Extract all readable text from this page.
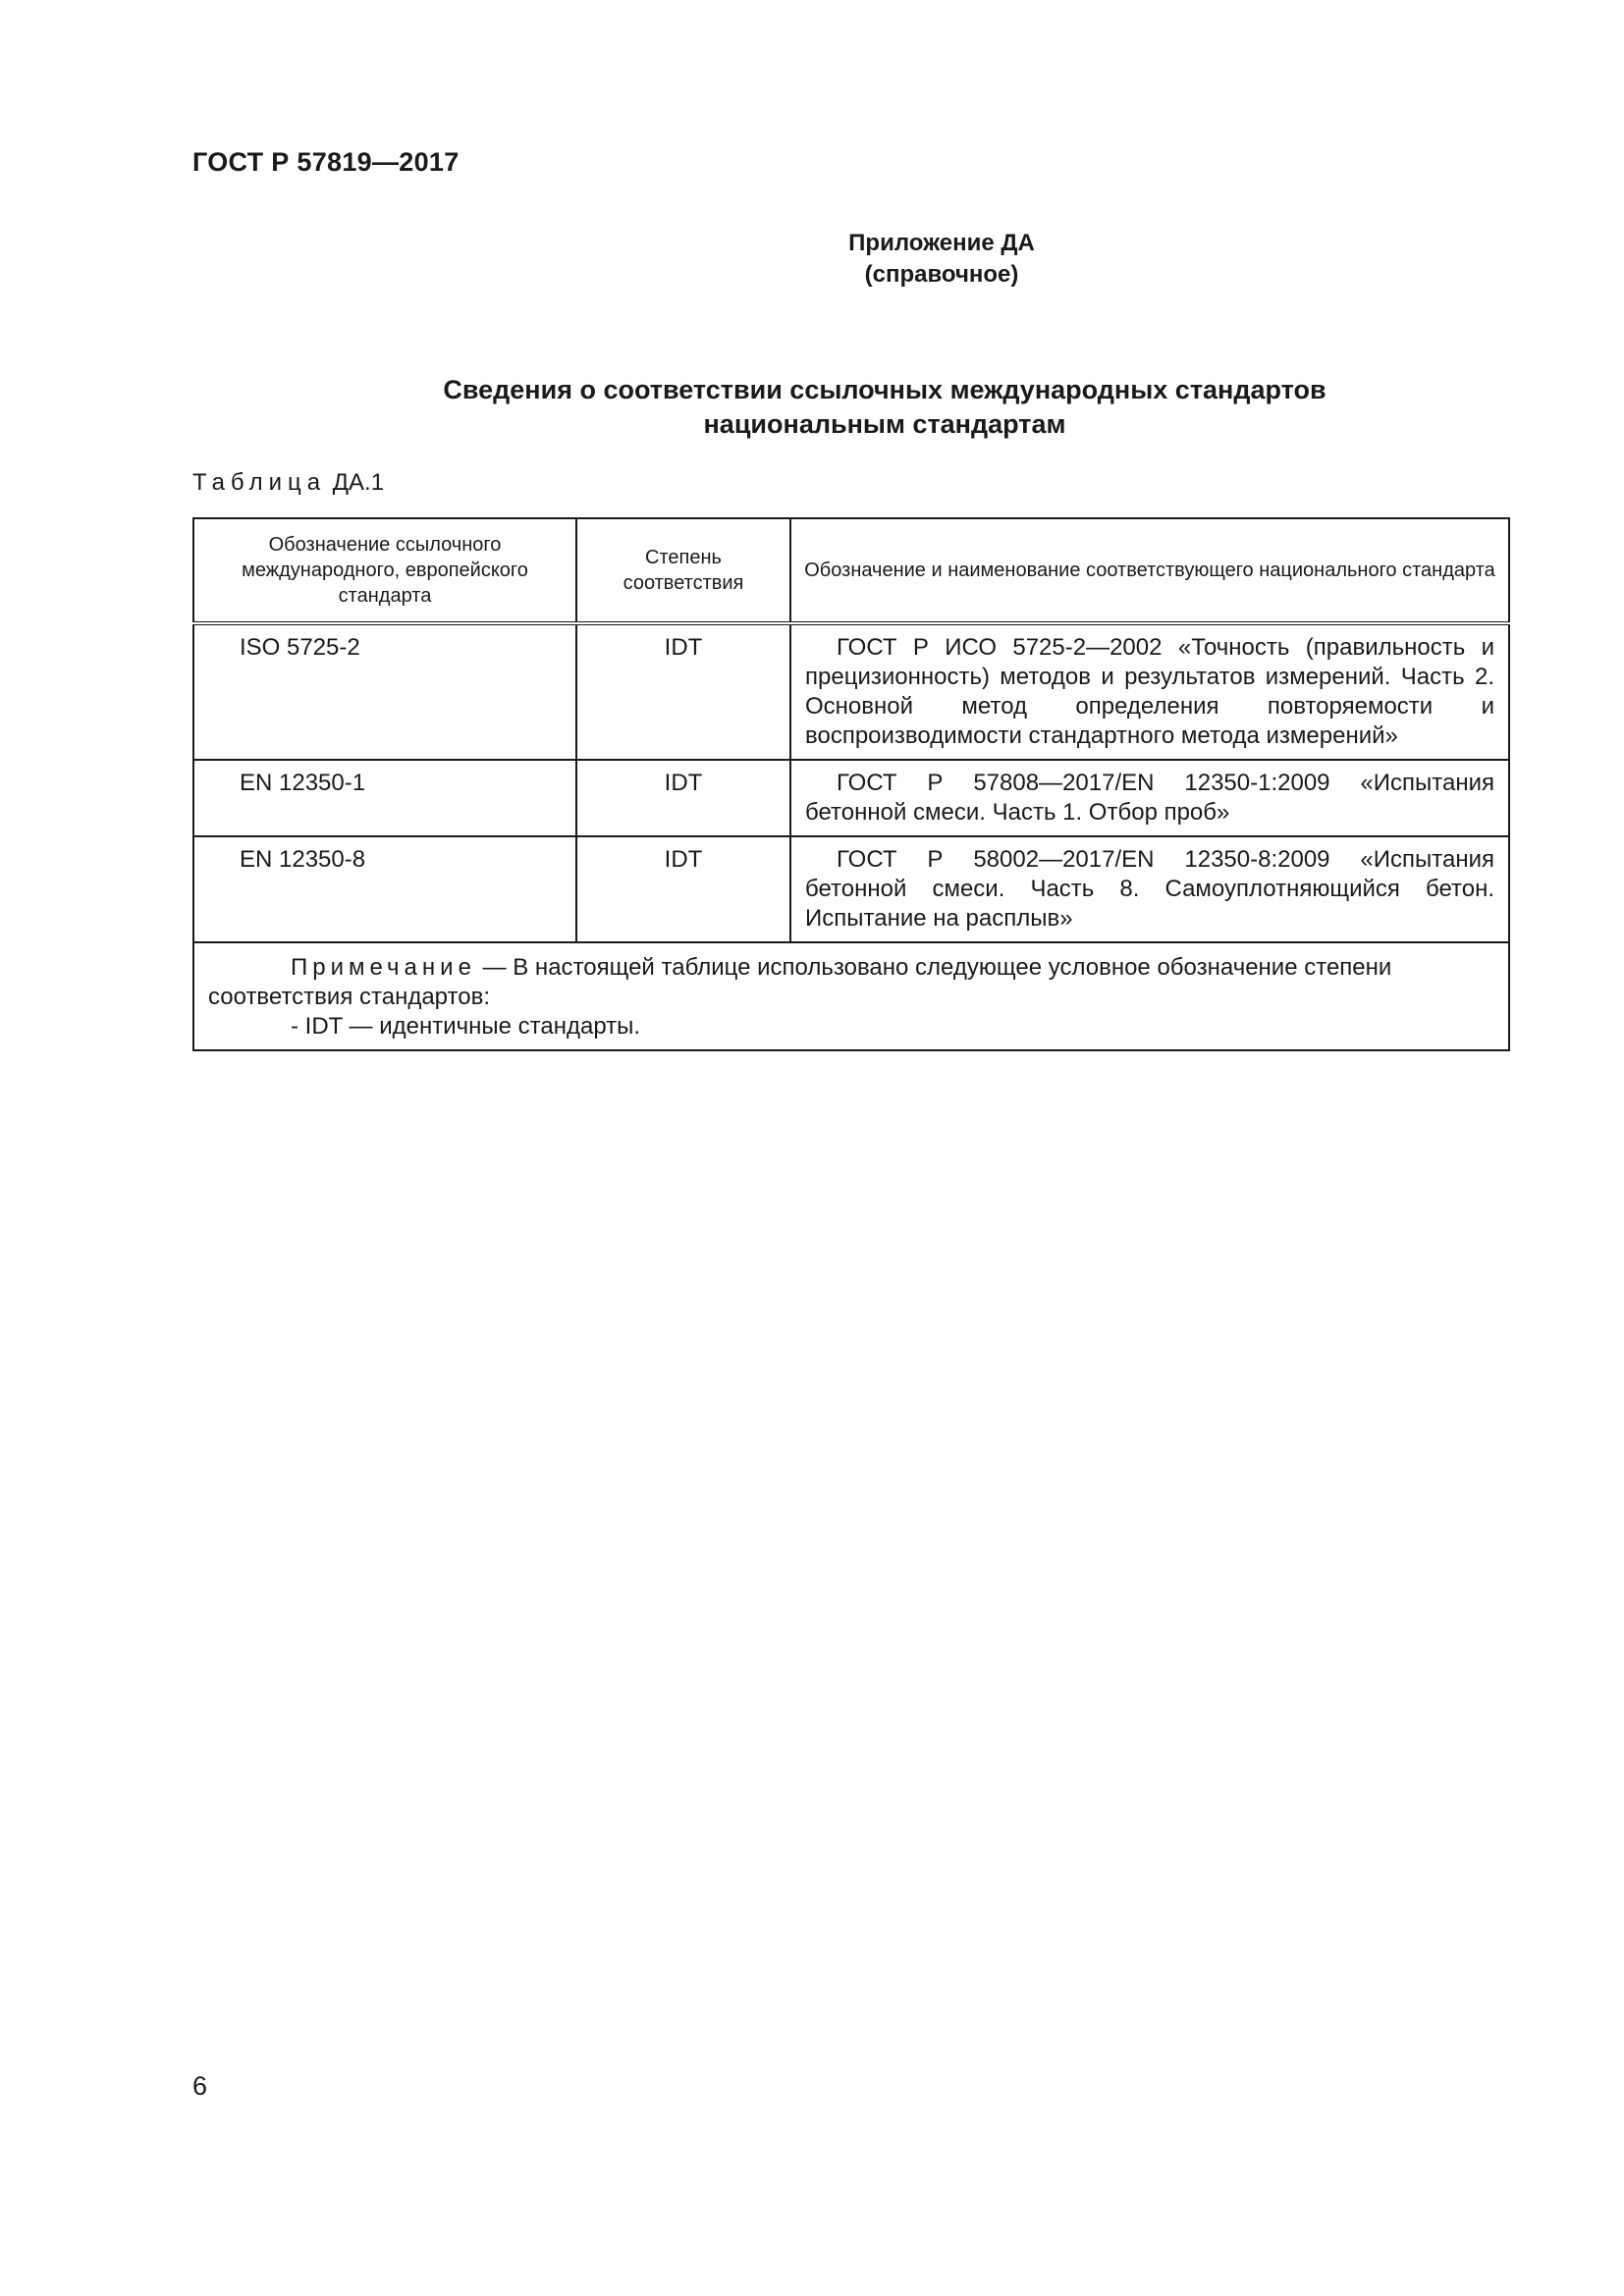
ГОСТ Р 57819—2017
Приложение ДА
(справочное)
Сведения о соответствии ссылочных международных стандартов
национальным стандартам
Таблица ДА.1
Обозначение ссылочного международного, европейского стандарта	Степень соответствия	Обозначение и наименование соответствующего национального стандарта
ISO 5725-2	IDT	ГОСТ Р ИСО 5725-2—2002 «Точность (правильность и прецизионность) методов и результатов измерений. Часть 2. Основной метод определения повторяемости и воспроизводимости стандартного метода измерений»
EN 12350-1	IDT	ГОСТ Р 57808—2017/EN 12350-1:2009 «Испытания бетонной смеси. Часть 1. Отбор проб»
EN 12350-8	IDT	ГОСТ Р 58002—2017/EN 12350-8:2009 «Испытания бетонной смеси. Часть 8. Самоуплотняющийся бетон. Испытание на расплыв»

Примечание — В настоящей таблице использовано следующее условное обозначение степени соответствия стандартов:
- IDT — идентичные стандарты.		
6
